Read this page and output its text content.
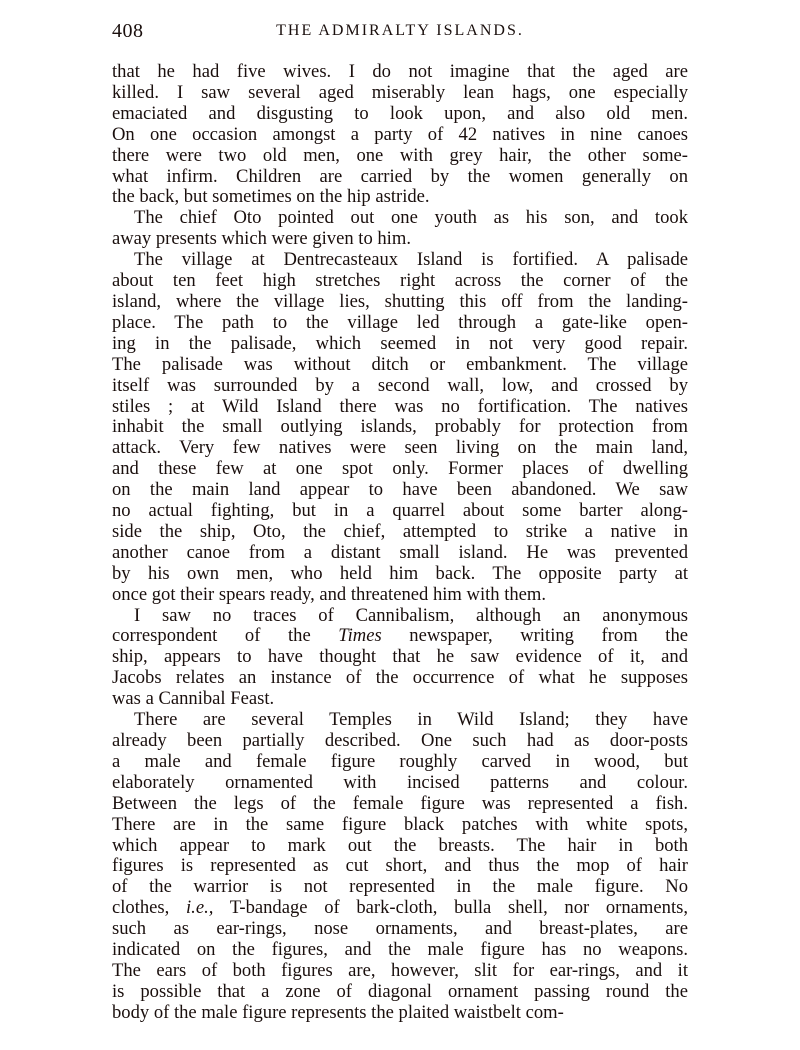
408	THE ADMIRALTY ISLANDS.
that he had five wives. I do not imagine that the aged are
killed. I saw several aged miserably lean hags, one especially
emaciated and disgusting to look upon, and also old men.
On one occasion amongst a party of 42 natives in nine canoes
there were two old men, one with grey hair, the other some-
what infirm. Children are carried by the women generally on
the back, but sometimes on the hip astride.
The chief Oto pointed out one youth as his son, and took
away presents which were given to him.
The village at Dentrecasteaux Island is fortified. A palisade
about ten feet high stretches right across the corner of the
island, where the village lies, shutting this off from the landing-
place. The path to the village led through a gate-like open-
ing in the palisade, which seemed in not very good repair.
The palisade was without ditch or embankment. The village
itself was surrounded by a second wall, low, and crossed by
stiles ; at Wild Island there was no fortification. The natives
inhabit the small outlying islands, probably for protection from
attack. Very few natives were seen living on the main land,
and these few at one spot only. Former places of dwelling
on the main land appear to have been abandoned. We saw
no actual fighting, but in a quarrel about some barter along-
side the ship, Oto, the chief, attempted to strike a native in
another canoe from a distant small island. He was prevented
by his own men, who held him back. The opposite party at
once got their spears ready, and threatened him with them.
I saw no traces of Cannibalism, although an anonymous
correspondent of the Times newspaper, writing from the
ship, appears to have thought that he saw evidence of it, and
Jacobs relates an instance of the occurrence of what he supposes
was a Cannibal Feast.
There are several Temples in Wild Island; they have
already been partially described. One such had as door-posts
a male and female figure roughly carved in wood, but
elaborately ornamented with incised patterns and colour.
Between the legs of the female figure was represented a fish.
There are in the same figure black patches with white spots,
which appear to mark out the breasts. The hair in both
figures is represented as cut short, and thus the mop of hair
of the warrior is not represented in the male figure. No
clothes, i.e., T-bandage of bark-cloth, bulla shell, nor ornaments,
such as ear-rings, nose ornaments, and breast-plates, are
indicated on the figures, and the male figure has no weapons.
The ears of both figures are, however, slit for ear-rings, and it
is possible that a zone of diagonal ornament passing round the
body of the male figure represents the plaited waistbelt com-
